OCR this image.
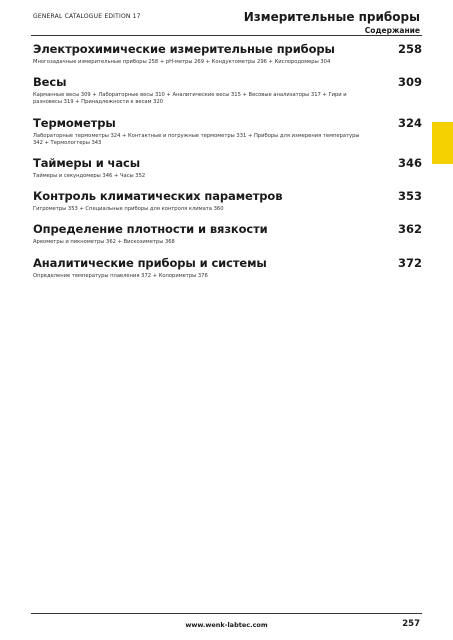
GENERAL CATALOGUE EDITION 17	Измерительные приборы
Содержание
Электрохимические измерительные приборы	258
Многозадачные измерительные приборы 258 + pH-метры 269 + Кондуктометры 296 + Кислородомеры 304
Весы	309
Карманные весы 309 + Лабораторные весы 310 + Аналитические весы 315 + Весовые анализаторы 317 + Гири и разновесы 319 + Принадлежности к весам 320
Термометры	324
Лабораторные термометры 324 + Контактные и погружные термометры 331 + Приборы для измерения температуры 342 + Термологгеры 343
Таймеры и часы	346
Таймеры и секундомеры 346 + Часы 352
Контроль климатических параметров	353
Гигрометры 353 + Специальные приборы для контроля климата 360
Определение плотности и вязкости	362
Ареометры и пикнометры 362 + Вискозиметры 368
Аналитические приборы и системы	372
Определение температуры плавления 372 + Колориметры 376
www.wenk-labtec.com	257
